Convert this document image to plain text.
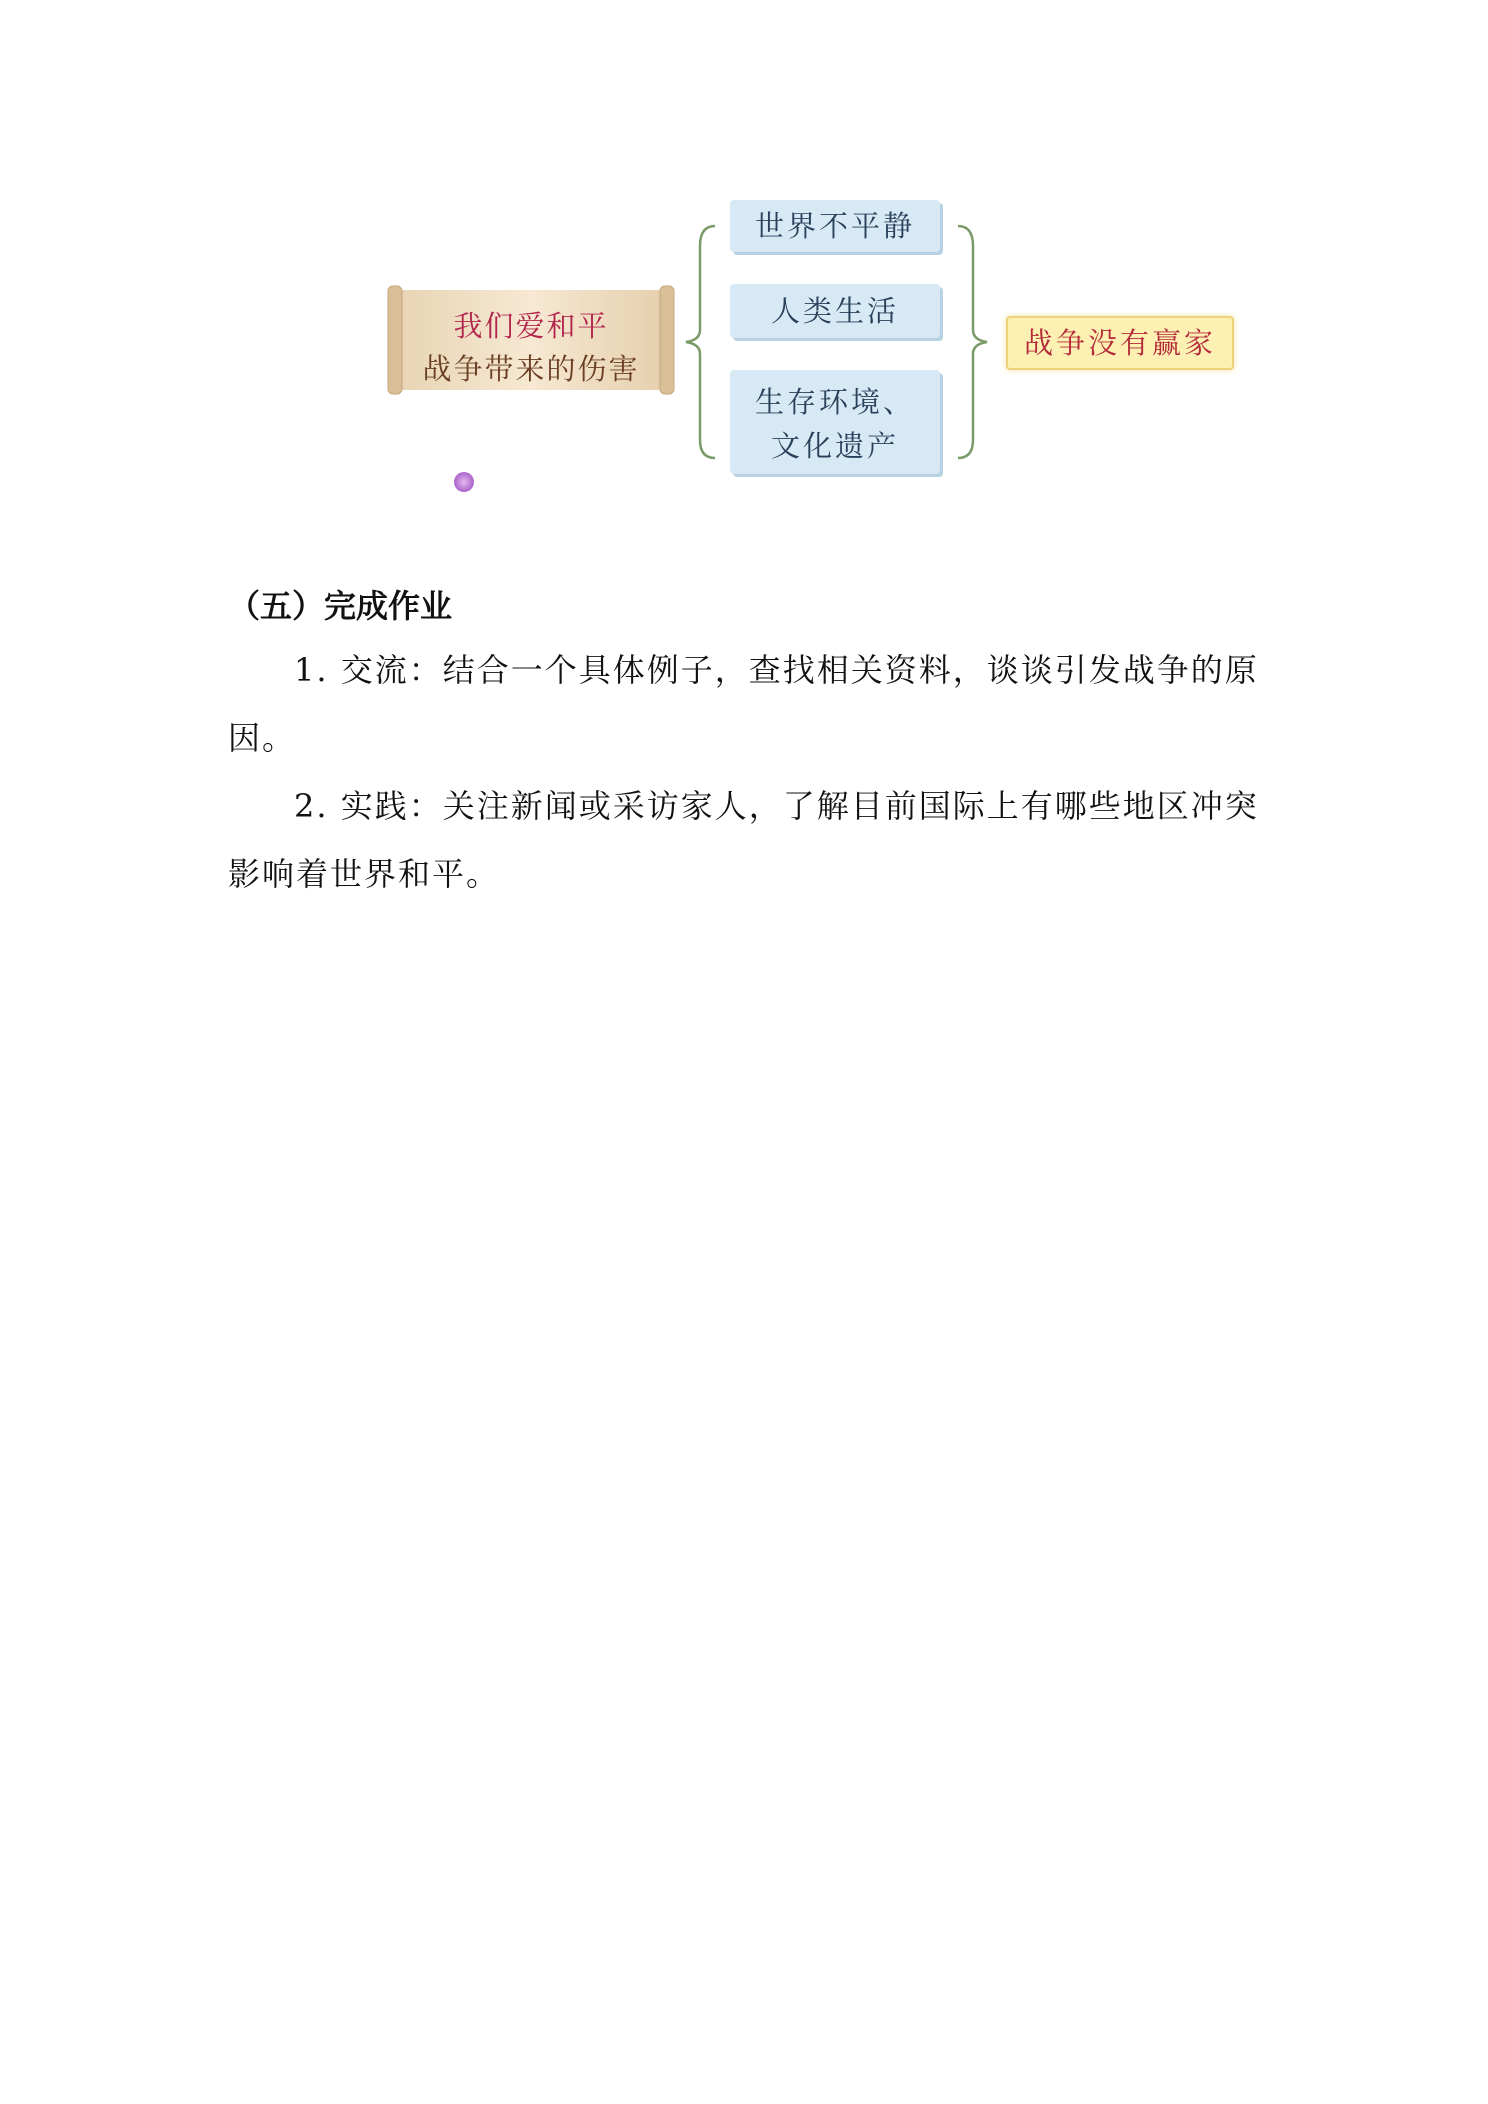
我们爱和平
战争带来的伤害
世界不平静
人类生活
生存环境、
文化遗产
战争没有赢家

（五）完成作业

1. 交流：结合一个具体例子，查找相关资料，谈谈引发战争的原因。

2. 实践：关注新闻或采访家人，了解目前国际上有哪些地区冲突影响着世界和平。
